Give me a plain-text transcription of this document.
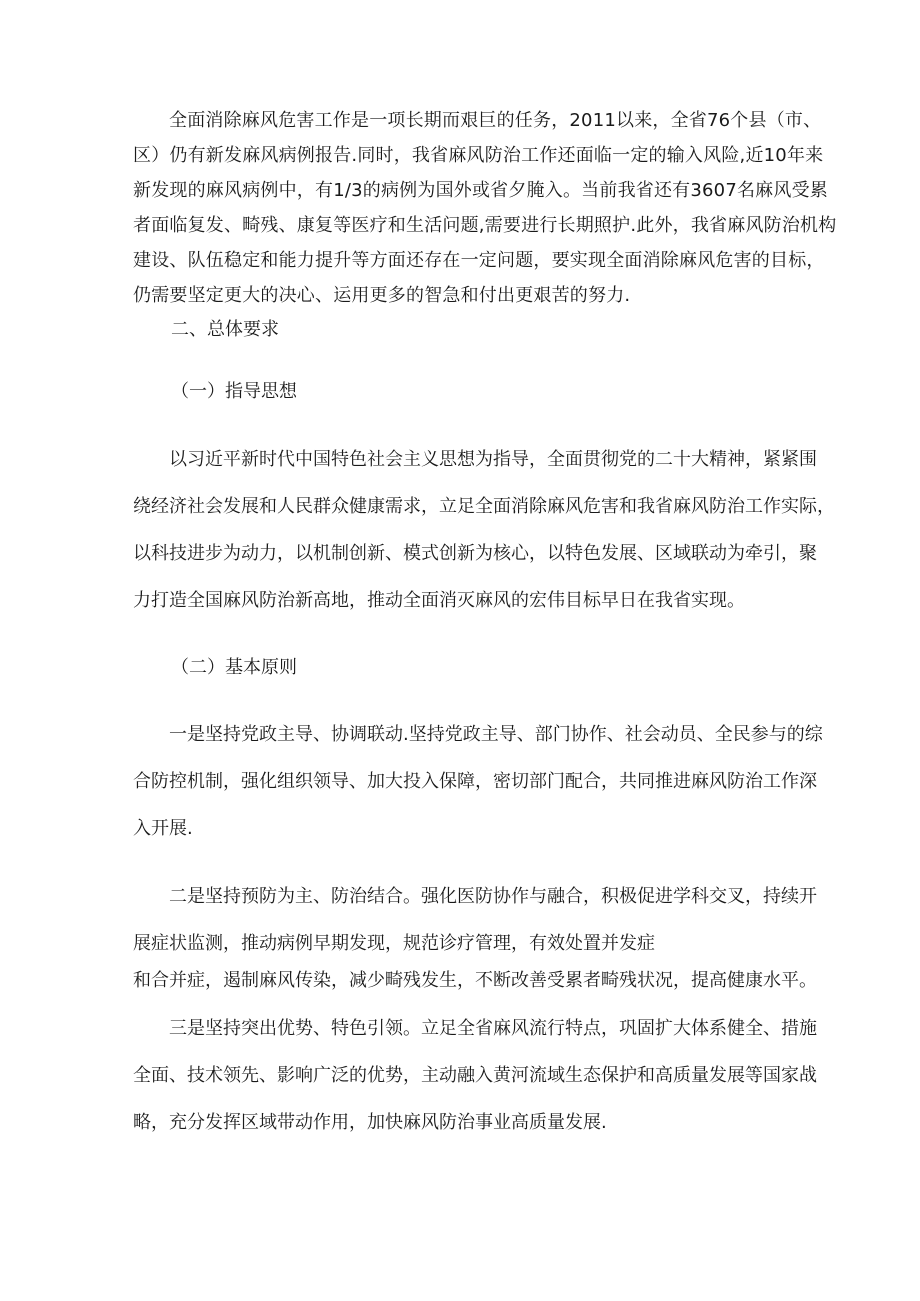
全面消除麻风危害工作是一项长期而艰巨的任务，2011以来，全省76个县（市、
区）仍有新发麻风病例报告.同时，我省麻风防治工作还面临一定的输入风险,近10年来
新发现的麻风病例中，有1/3的病例为国外或省夕腌入。当前我省还有3607名麻风受累
者面临复发、畸残、康复等医疗和生活问题,需要进行长期照护.此外，我省麻风防治机构
建设、队伍稳定和能力提升等方面还存在一定问题，要实现全面消除麻风危害的目标，
仍需要坚定更大的决心、运用更多的智急和付出更艰苦的努力.
二、总体要求
（一）指导思想
以习近平新时代中国特色社会主义思想为指导，全面贯彻党的二十大精神，紧紧围
绕经济社会发展和人民群众健康需求，立足全面消除麻风危害和我省麻风防治工作实际，
以科技进步为动力，以机制创新、模式创新为核心，以特色发展、区域联动为牵引，聚
力打造全国麻风防治新高地，推动全面消灭麻风的宏伟目标早日在我省实现。
（二）基本原则
一是坚持党政主导、协调联动.坚持党政主导、部门协作、社会动员、全民参与的综
合防控机制，强化组织领导、加大投入保障，密切部门配合，共同推进麻风防治工作深
入开展.
二是坚持预防为主、防治结合。强化医防协作与融合，积极促进学科交叉，持续开
展症状监测，推动病例早期发现，规范诊疗管理，有效处置并发症
和合并症，遏制麻风传染，减少畸残发生，不断改善受累者畸残状况，提高健康水平。
三是坚持突出优势、特色引领。立足全省麻风流行特点，巩固扩大体系健全、措施
全面、技术领先、影响广泛的优势，主动融入黄河流域生态保护和高质量发展等国家战
略，充分发挥区域带动作用，加快麻风防治事业高质量发展.
